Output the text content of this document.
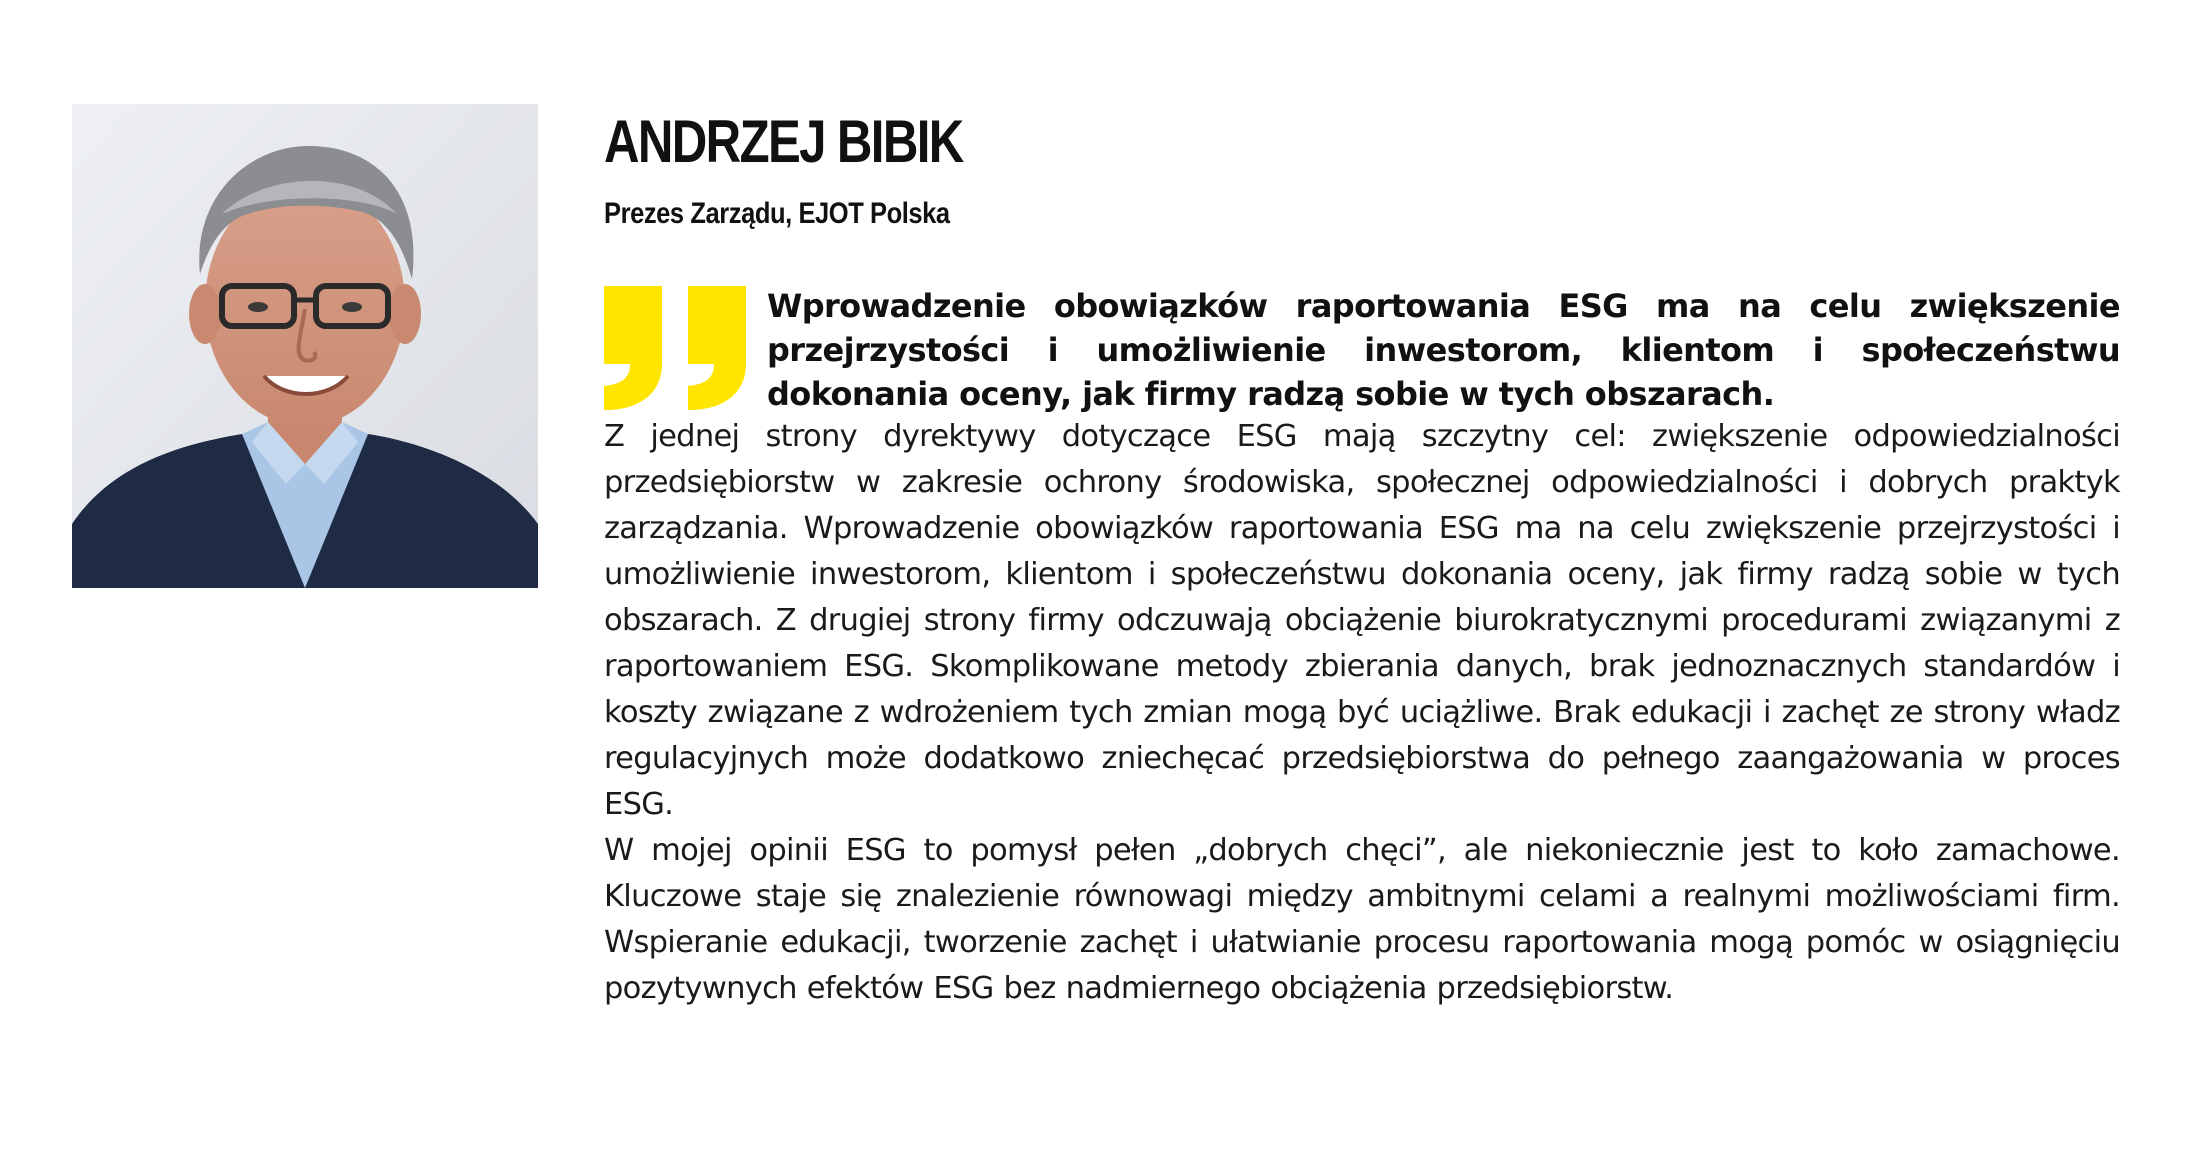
ANDRZEJ BIBIK

Prezes Zarządu, EJOT Polska

Wprowadzenie obowiązków raportowania ESG ma na celu zwiększenie przejrzystości i umożliwienie inwestorom, klientom i społeczeństwu dokonania oceny, jak firmy radzą sobie w tych obszarach.

Z jednej strony dyrektywy dotyczące ESG mają szczytny cel: zwiększenie odpowiedzialności przedsiębiorstw w zakresie ochrony środowiska, społecznej odpowiedzialności i dobrych praktyk zarządzania. Wprowadzenie obowiązków raportowania ESG ma na celu zwiększenie przejrzystości i umożliwienie inwestorom, klientom i społeczeństwu dokonania oceny, jak firmy radzą sobie w tych obszarach. Z drugiej strony firmy odczuwają obciążenie biurokratycznymi procedurami związanymi z raportowaniem ESG. Skomplikowane metody zbierania danych, brak jednoznacznych standardów i koszty związane z wdrożeniem tych zmian mogą być uciążliwe. Brak edukacji i zachęt ze strony władz regulacyjnych może dodatkowo zniechęcać przedsiębiorstwa do pełnego zaangażowania w proces ESG.

W mojej opinii ESG to pomysł pełen „dobrych chęci”, ale niekoniecznie jest to koło zamachowe. Kluczowe staje się znalezienie równowagi między ambitnymi celami a realnymi możliwościami firm. Wspieranie edukacji, tworzenie zachęt i ułatwianie procesu raportowania mogą pomóc w osiągnięciu pozytywnych efektów ESG bez nadmiernego obciążenia przedsiębiorstw.
